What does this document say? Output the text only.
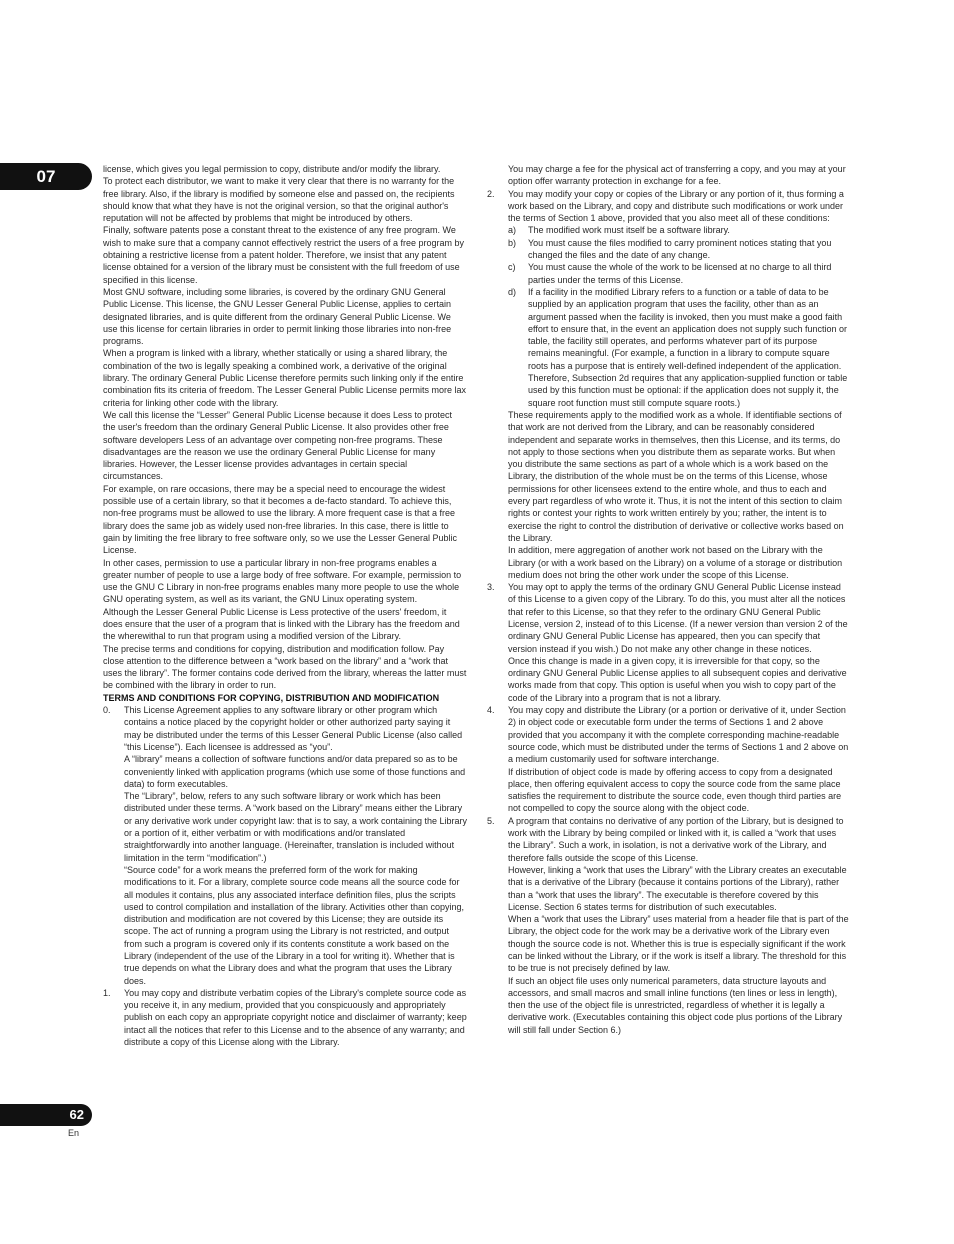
07	license, which gives you legal permission to copy, distribute and/or modify the library.

To protect each distributor, we want to make it very clear that there is no warranty for the free library. Also, if the library is modified by someone else and passed on, the recipients should know that what they have is not the original version, so that the original author's reputation will not be affected by problems that might be introduced by others.

Finally, software patents pose a constant threat to the existence of any free program. We wish to make sure that a company cannot effectively restrict the users of a free program by obtaining a restrictive license from a patent holder. Therefore, we insist that any patent license obtained for a version of the library must be consistent with the full freedom of use specified in this license.

Most GNU software, including some libraries, is covered by the ordinary GNU General Public License. This license, the GNU Lesser General Public License, applies to certain designated libraries, and is quite different from the ordinary General Public License. We use this license for certain libraries in order to permit linking those libraries into non-free programs.

When a program is linked with a library, whether statically or using a shared library, the combination of the two is legally speaking a combined work, a derivative of the original library. The ordinary General Public License therefore permits such linking only if the entire combination fits its criteria of freedom. The Lesser General Public License permits more lax criteria for linking other code with the library.

We call this license the “Lesser” General Public License because it does Less to protect the user's freedom than the ordinary General Public License. It also provides other free software developers Less of an advantage over competing non-free programs. These disadvantages are the reason we use the ordinary General Public License for many libraries. However, the Lesser license provides advantages in certain special circumstances.

For example, on rare occasions, there may be a special need to encourage the widest possible use of a certain library, so that it becomes a de-facto standard. To achieve this, non-free programs must be allowed to use the library. A more frequent case is that a free library does the same job as widely used non-free libraries. In this case, there is little to gain by limiting the free library to free software only, so we use the Lesser General Public License.

In other cases, permission to use a particular library in non-free programs enables a greater number of people to use a large body of free software. For example, permission to use the GNU C Library in non-free programs enables many more people to use the whole GNU operating system, as well as its variant, the GNU Linux operating system.

Although the Lesser General Public License is Less protective of the users' freedom, it does ensure that the user of a program that is linked with the Library has the freedom and the wherewithal to run that program using a modified version of the Library.

The precise terms and conditions for copying, distribution and modification follow. Pay close attention to the difference between a “work based on the library” and a “work that uses the library”. The former contains code derived from the library, whereas the latter must be combined with the library in order to run.

TERMS AND CONDITIONS FOR COPYING, DISTRIBUTION AND MODIFICATION

0. This License Agreement applies to any software library or other program which contains a notice placed by the copyright holder or other authorized party saying it may be distributed under the terms of this Lesser General Public License (also called “this License”). Each licensee is addressed as “you”.

A “library” means a collection of software functions and/or data prepared so as to be conveniently linked with application programs (which use some of those functions and data) to form executables.

The “Library”, below, refers to any such software library or work which has been distributed under these terms. A “work based on the Library” means either the Library or any derivative work under copyright law: that is to say, a work containing the Library or a portion of it, either verbatim or with modifications and/or translated straightforwardly into another language. (Hereinafter, translation is included without limitation in the term “modification”.)

“Source code” for a work means the preferred form of the work for making modifications to it. For a library, complete source code means all the source code for all modules it contains, plus any associated interface definition files, plus the scripts used to control compilation and installation of the library. Activities other than copying, distribution and modification are not covered by this License; they are outside its scope. The act of running a program using the Library is not restricted, and output from such a program is covered only if its contents constitute a work based on the Library (independent of the use of the Library in a tool for writing it). Whether that is true depends on what the Library does and what the program that uses the Library does.

1. You may copy and distribute verbatim copies of the Library's complete source code as you receive it, in any medium, provided that you conspicuously and appropriately publish on each copy an appropriate copyright notice and disclaimer of warranty; keep intact all the notices that refer to this License and to the absence of any warranty; and distribute a copy of this License along with the Library.

You may charge a fee for the physical act of transferring a copy, and you may at your option offer warranty protection in exchange for a fee.

2. You may modify your copy or copies of the Library or any portion of it, thus forming a work based on the Library, and copy and distribute such modifications or work under the terms of Section 1 above, provided that you also meet all of these conditions:

a) The modified work must itself be a software library.

b) You must cause the files modified to carry prominent notices stating that you changed the files and the date of any change.

c) You must cause the whole of the work to be licensed at no charge to all third parties under the terms of this License.

d) If a facility in the modified Library refers to a function or a table of data to be supplied by an application program that uses the facility, other than as an argument passed when the facility is invoked, then you must make a good faith effort to ensure that, in the event an application does not supply such function or table, the facility still operates, and performs whatever part of its purpose remains meaningful. (For example, a function in a library to compute square roots has a purpose that is entirely well-defined independent of the application. Therefore, Subsection 2d requires that any application-supplied function or table used by this function must be optional: if the application does not supply it, the square root function must still compute square roots.)

These requirements apply to the modified work as a whole. If identifiable sections of that work are not derived from the Library, and can be reasonably considered independent and separate works in themselves, then this License, and its terms, do not apply to those sections when you distribute them as separate works. But when you distribute the same sections as part of a whole which is a work based on the Library, the distribution of the whole must be on the terms of this License, whose permissions for other licensees extend to the entire whole, and thus to each and every part regardless of who wrote it. Thus, it is not the intent of this section to claim rights or contest your rights to work written entirely by you; rather, the intent is to exercise the right to control the distribution of derivative or collective works based on the Library.

In addition, mere aggregation of another work not based on the Library with the Library (or with a work based on the Library) on a volume of a storage or distribution medium does not bring the other work under the scope of this License.

3. You may opt to apply the terms of the ordinary GNU General Public License instead of this License to a given copy of the Library. To do this, you must alter all the notices that refer to this License, so that they refer to the ordinary GNU General Public License, version 2, instead of to this License. (If a newer version than version 2 of the ordinary GNU General Public License has appeared, then you can specify that version instead if you wish.) Do not make any other change in these notices.

Once this change is made in a given copy, it is irreversible for that copy, so the ordinary GNU General Public License applies to all subsequent copies and derivative works made from that copy. This option is useful when you wish to copy part of the code of the Library into a program that is not a library.

4. You may copy and distribute the Library (or a portion or derivative of it, under Section 2) in object code or executable form under the terms of Sections 1 and 2 above provided that you accompany it with the complete corresponding machine-readable source code, which must be distributed under the terms of Sections 1 and 2 above on a medium customarily used for software interchange.

If distribution of object code is made by offering access to copy from a designated place, then offering equivalent access to copy the source code from the same place satisfies the requirement to distribute the source code, even though third parties are not compelled to copy the source along with the object code.

5. A program that contains no derivative of any portion of the Library, but is designed to work with the Library by being compiled or linked with it, is called a “work that uses the Library”. Such a work, in isolation, is not a derivative work of the Library, and therefore falls outside the scope of this License.

However, linking a “work that uses the Library” with the Library creates an executable that is a derivative of the Library (because it contains portions of the Library), rather than a “work that uses the library”. The executable is therefore covered by this License. Section 6 states terms for distribution of such executables.

When a “work that uses the Library” uses material from a header file that is part of the Library, the object code for the work may be a derivative work of the Library even though the source code is not. Whether this is true is especially significant if the work can be linked without the Library, or if the work is itself a library. The threshold for this to be true is not precisely defined by law.

If such an object file uses only numerical parameters, data structure layouts and accessors, and small macros and small inline functions (ten lines or less in length), then the use of the object file is unrestricted, regardless of whether it is legally a derivative work. (Executables containing this object code plus portions of the Library will still fall under Section 6.)

62
En
